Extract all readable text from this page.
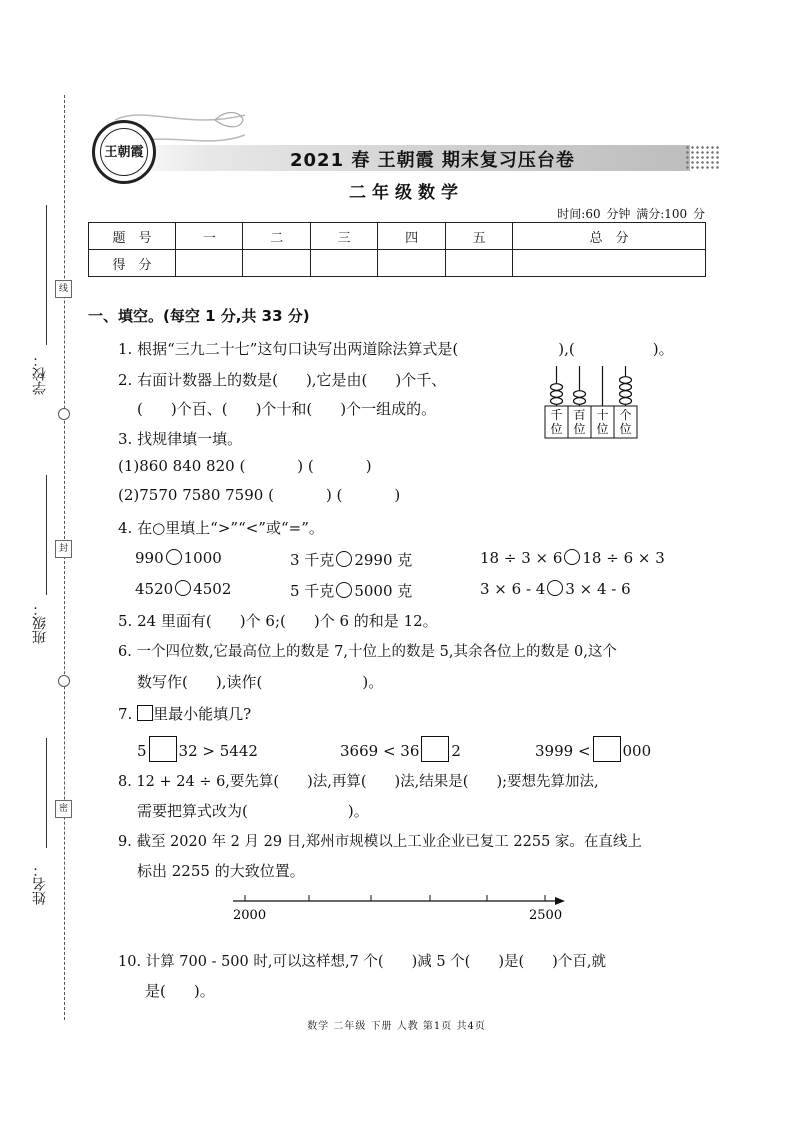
学校：
班级：
姓名：
线
封
密
王朝霞	2021 春 王朝霞 期末复习压台卷
二年级数学
时间:60 分钟 满分:100 分
题　号	一	二	三	四	五	总　分
得　分						
一、填空。(每空 1 分,共 33 分)
1. 根据“三九二十七”这句口诀写出两道除法算式是(	),(	)。
2. 右面计数器上的数是( ),它是由( )个千、
( )个百、( )个十和( )个一组成的。	千
位
百
位
十
位
个
位
3. 找规律填一填。
(1)860 840 820 (	) (	)
(2)7570 7580 7590 (	) (	)
4. 在○里填上“>”“<”或“=”。
990 1000	3 千克 2990 克	18 ÷ 3 × 6 18 ÷ 6 × 3
4520 4502	5 千克 5000 克	3 × 6 - 4 3 × 4 - 6
5. 24 里面有( )个 6;( )个 6 的和是 12。
6. 一个四位数,它最高位上的数是 7,十位上的数是 5,其余各位上的数是 0,这个
数写作( ),读作(	)。
7. 里最小能填几?
5 32 > 5442	3669 < 36 2	3999 < 000
8. 12 + 24 ÷ 6,要先算( )法,再算( )法,结果是( );要想先算加法,
需要把算式改为(	)。
9. 截至 2020 年 2 月 29 日,郑州市规模以上工业企业已复工 2255 家。在直线上
标出 2255 的大致位置。
2000	2500
10. 计算 700 - 500 时,可以这样想,7 个( )减 5 个( )是( )个百,就
是( )。
数学 二年级 下册 人教 第1页 共4页
